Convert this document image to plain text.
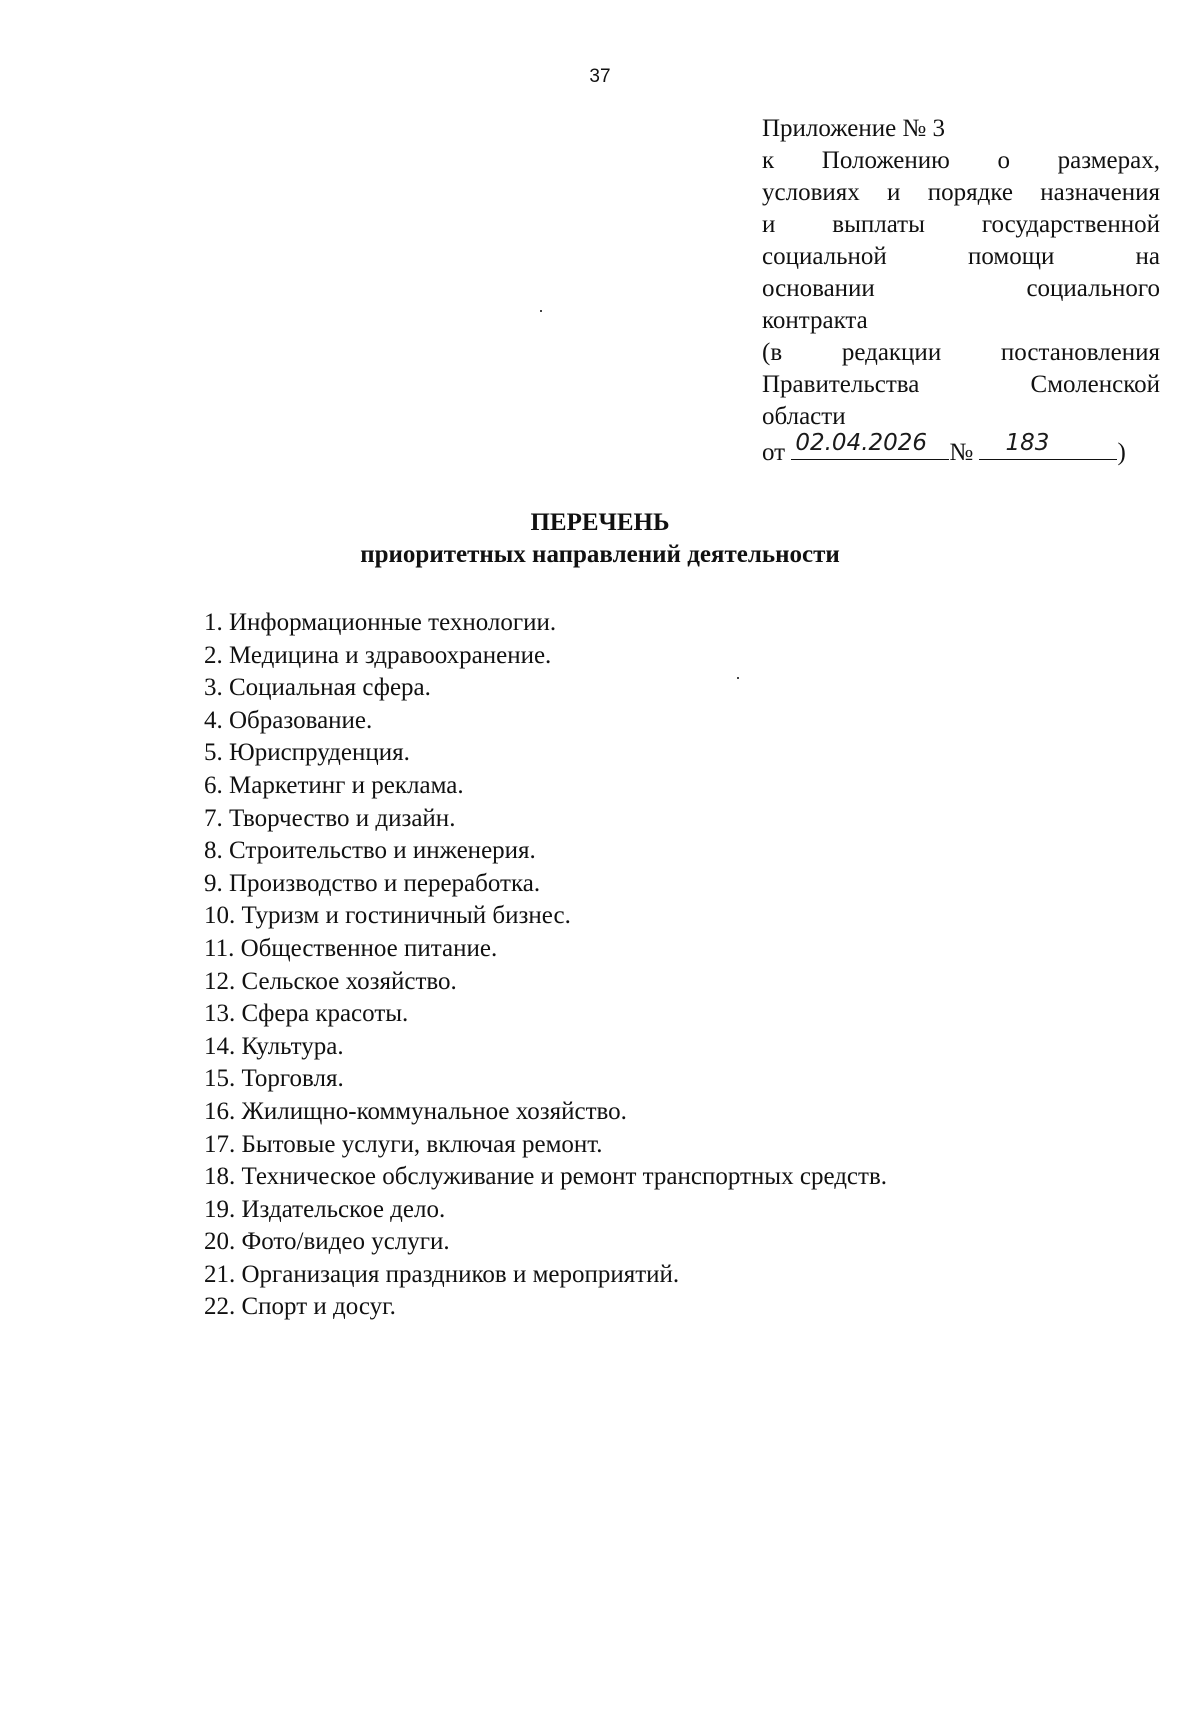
37
Приложение № 3
к Положению о размерах,
условиях и порядке назначения
и выплаты государственной
социальной	помощи	на
основании	социального
контракта
(в редакции постановления
Правительства	Смоленской
области
от 02.04.2026 № 183	)
ПЕРЕЧЕНЬ
приоритетных направлений деятельности
1. Информационные технологии.
2. Медицина и здравоохранение.
3. Социальная сфера.
4. Образование.
5. Юриспруденция.
6. Маркетинг и реклама.
7. Творчество и дизайн.
8. Строительство и инженерия.
9. Производство и переработка.
10. Туризм и гостиничный бизнес.
11. Общественное питание.
12. Сельское хозяйство.
13. Сфера красоты.
14. Культура.
15. Торговля.
16. Жилищно-коммунальное хозяйство.
17. Бытовые услуги, включая ремонт.
18. Техническое обслуживание и ремонт транспортных средств.
19. Издательское дело.
20. Фото/видео услуги.
21. Организация праздников и мероприятий.
22. Спорт и досуг.
